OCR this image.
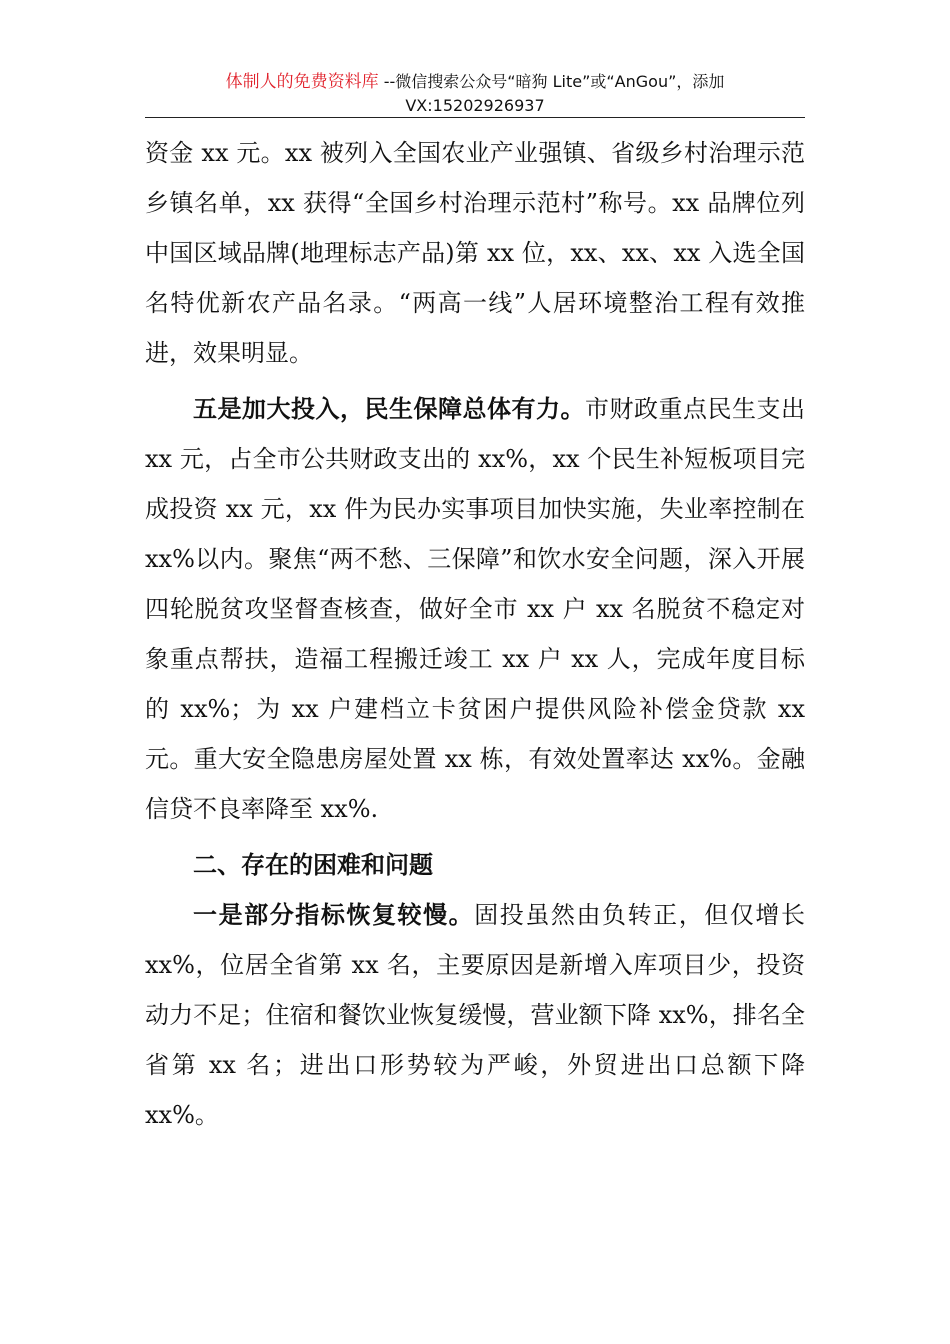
体制人的免费资料库 --微信搜索公众号“暗狗 Lite”或“AnGou”，添加
VX:15202926937

资金 xx 元。xx 被列入全国农业产业强镇、省级乡村治理示范乡镇名单，xx 获得“全国乡村治理示范村”称号。xx 品牌位列中国区域品牌(地理标志产品)第 xx 位，xx、xx、xx 入选全国名特优新农产品名录。“两高一线”人居环境整治工程有效推进，效果明显。

五是加大投入，民生保障总体有力。市财政重点民生支出 xx 元，占全市公共财政支出的 xx%，xx 个民生补短板项目完成投资 xx 元，xx 件为民办实事项目加快实施，失业率控制在 xx%以内。聚焦“两不愁、三保障”和饮水安全问题，深入开展四轮脱贫攻坚督查核查，做好全市 xx 户 xx 名脱贫不稳定对象重点帮扶，造福工程搬迁竣工 xx 户 xx 人，完成年度目标的 xx%；为 xx 户建档立卡贫困户提供风险补偿金贷款 xx 元。重大安全隐患房屋处置 xx 栋，有效处置率达 xx%。金融信贷不良率降至 xx%.

二、存在的困难和问题

一是部分指标恢复较慢。固投虽然由负转正，但仅增长 xx%，位居全省第 xx 名，主要原因是新增入库项目少，投资动力不足；住宿和餐饮业恢复缓慢，营业额下降 xx%，排名全省第 xx 名；进出口形势较为严峻，外贸进出口总额下降 xx%。
